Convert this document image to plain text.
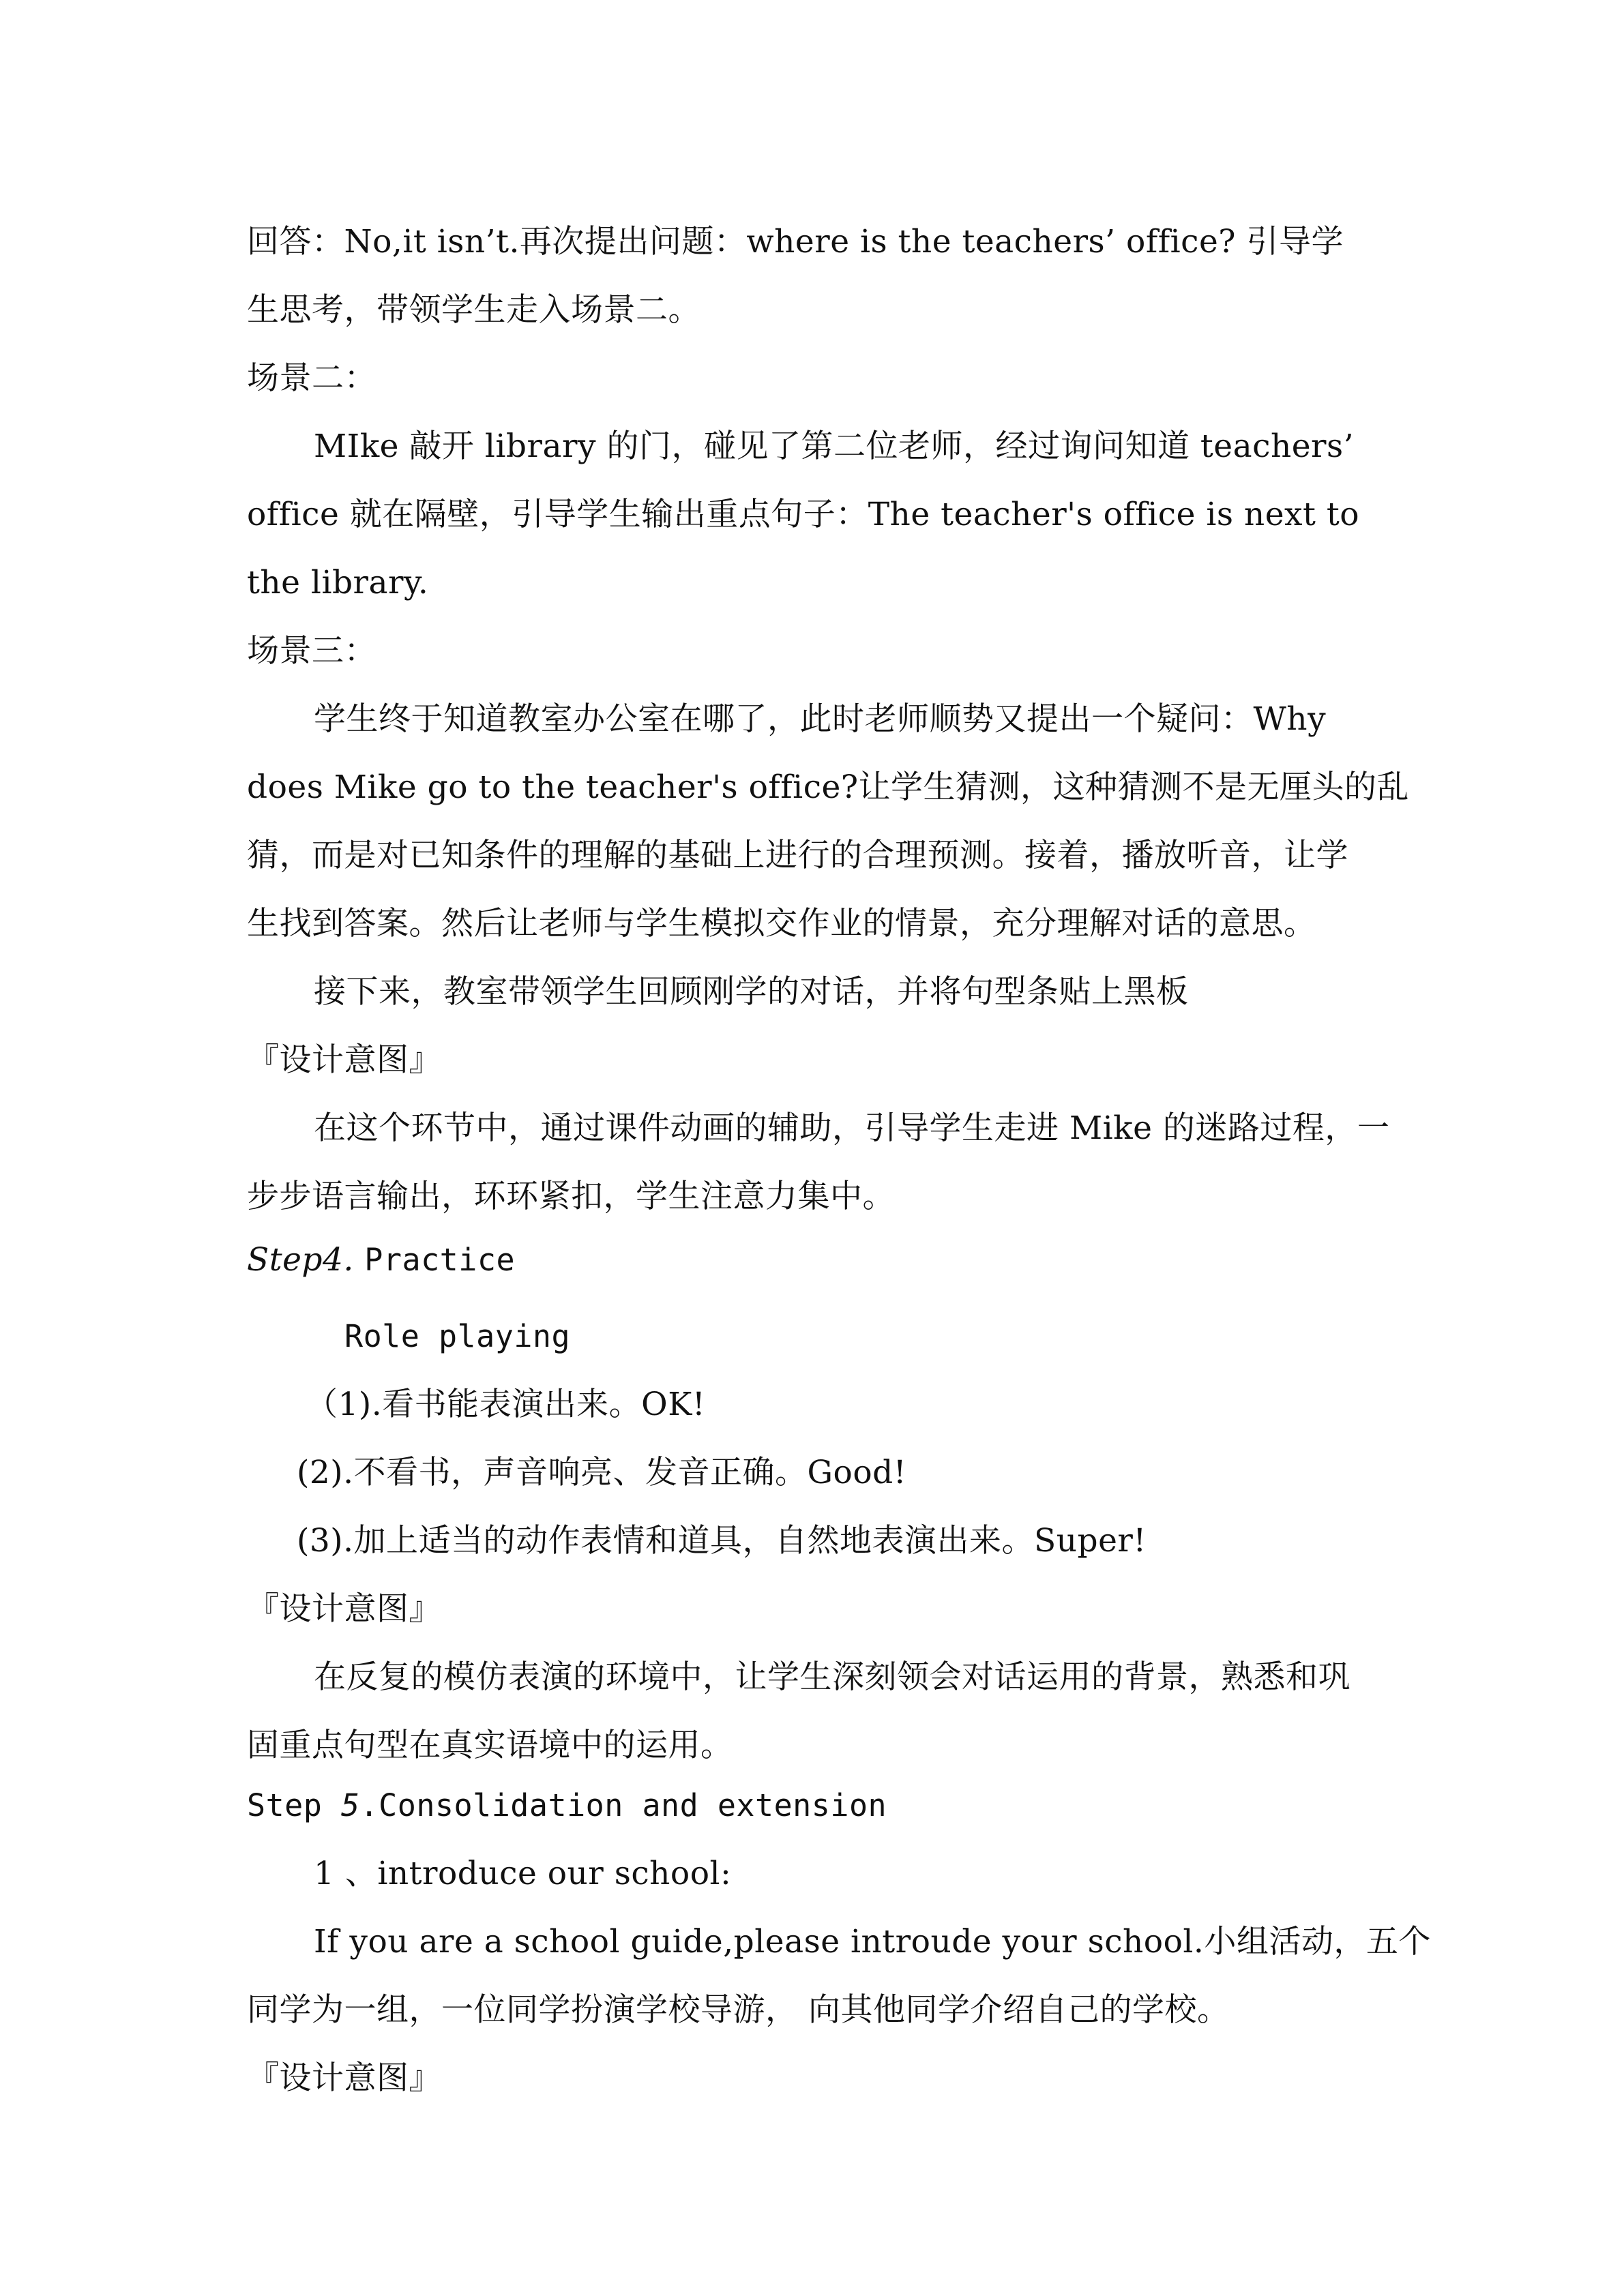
回答：No,it isn’t.再次提出问题：where is the teachers’ office? 引导学
生思考，带领学生走入场景二。
场景二：
MIke 敲开 library 的门，碰见了第二位老师，经过询问知道 teachers’
office 就在隔壁，引导学生输出重点句子：The teacher's office is next to
the library.
场景三：
学生终于知道教室办公室在哪了，此时老师顺势又提出一个疑问：Why
does Mike go to the teacher's office?让学生猜测，这种猜测不是无厘头的乱
猜，而是对已知条件的理解的基础上进行的合理预测。接着，播放听音，让学
生找到答案。然后让老师与学生模拟交作业的情景，充分理解对话的意思。
接下来，教室带领学生回顾刚学的对话，并将句型条贴上黑板
『设计意图』
在这个环节中，通过课件动画的辅助，引导学生走进 Mike 的迷路过程，一
步步语言输出，环环紧扣，学生注意力集中。
Step4. Practice
Role playing
（1).看书能表演出来。OK!
(2).不看书，声音响亮、发音正确。Good!
(3).加上适当的动作表情和道具，自然地表演出来。Super!
『设计意图』
在反复的模仿表演的环境中，让学生深刻领会对话运用的背景，熟悉和巩
固重点句型在真实语境中的运用。
Step 5.Consolidation and extension
1 、introduce our school:
If you are a school guide,please introude your school.小组活动，五个
同学为一组，一位同学扮演学校导游， 向其他同学介绍自己的学校。
『设计意图』
